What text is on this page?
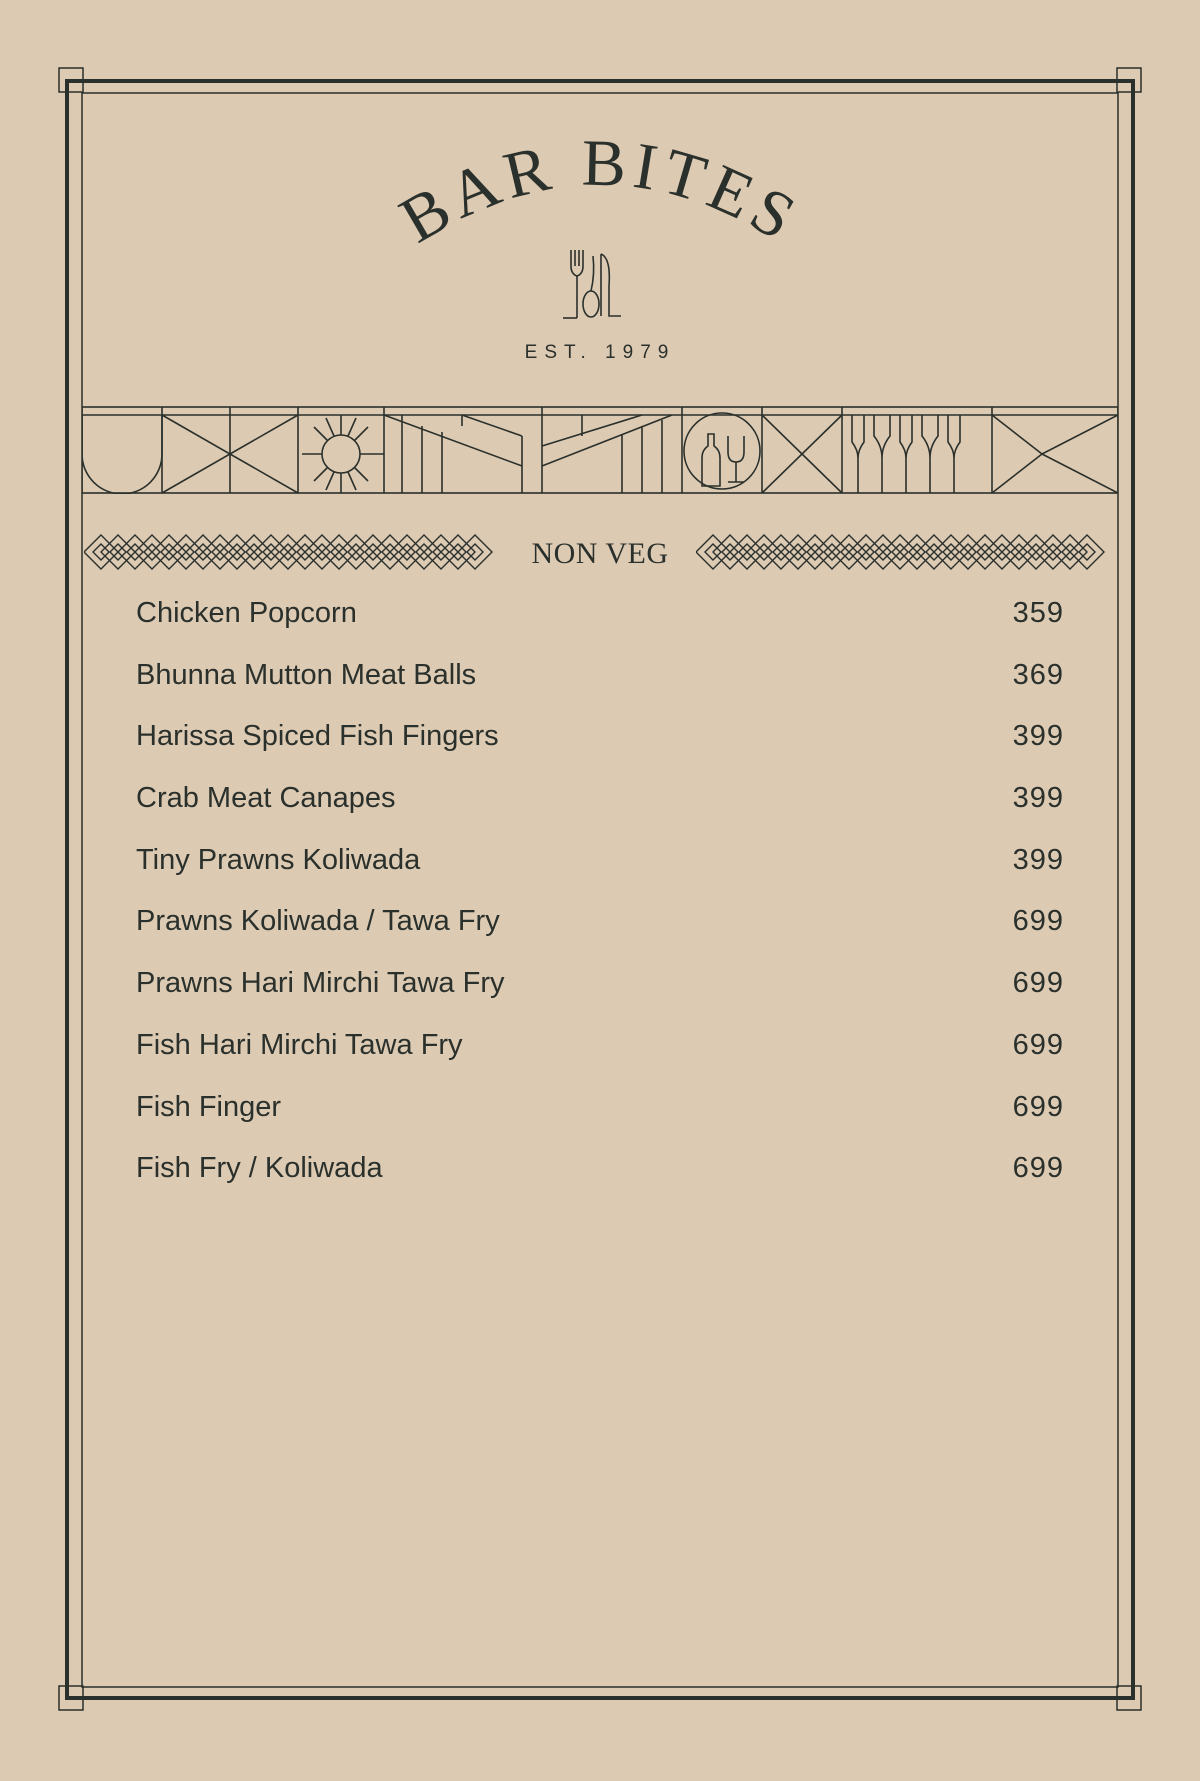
BAR BITES
EST. 1979
NON VEG
Chicken Popcorn	359
Bhunna Mutton Meat Balls	369
Harissa Spiced Fish Fingers	399
Crab Meat Canapes	399
Tiny Prawns Koliwada	399
Prawns Koliwada / Tawa Fry	699
Prawns Hari Mirchi Tawa Fry	699
Fish Hari Mirchi Tawa Fry	699
Fish Finger	699
Fish Fry / Koliwada	699
